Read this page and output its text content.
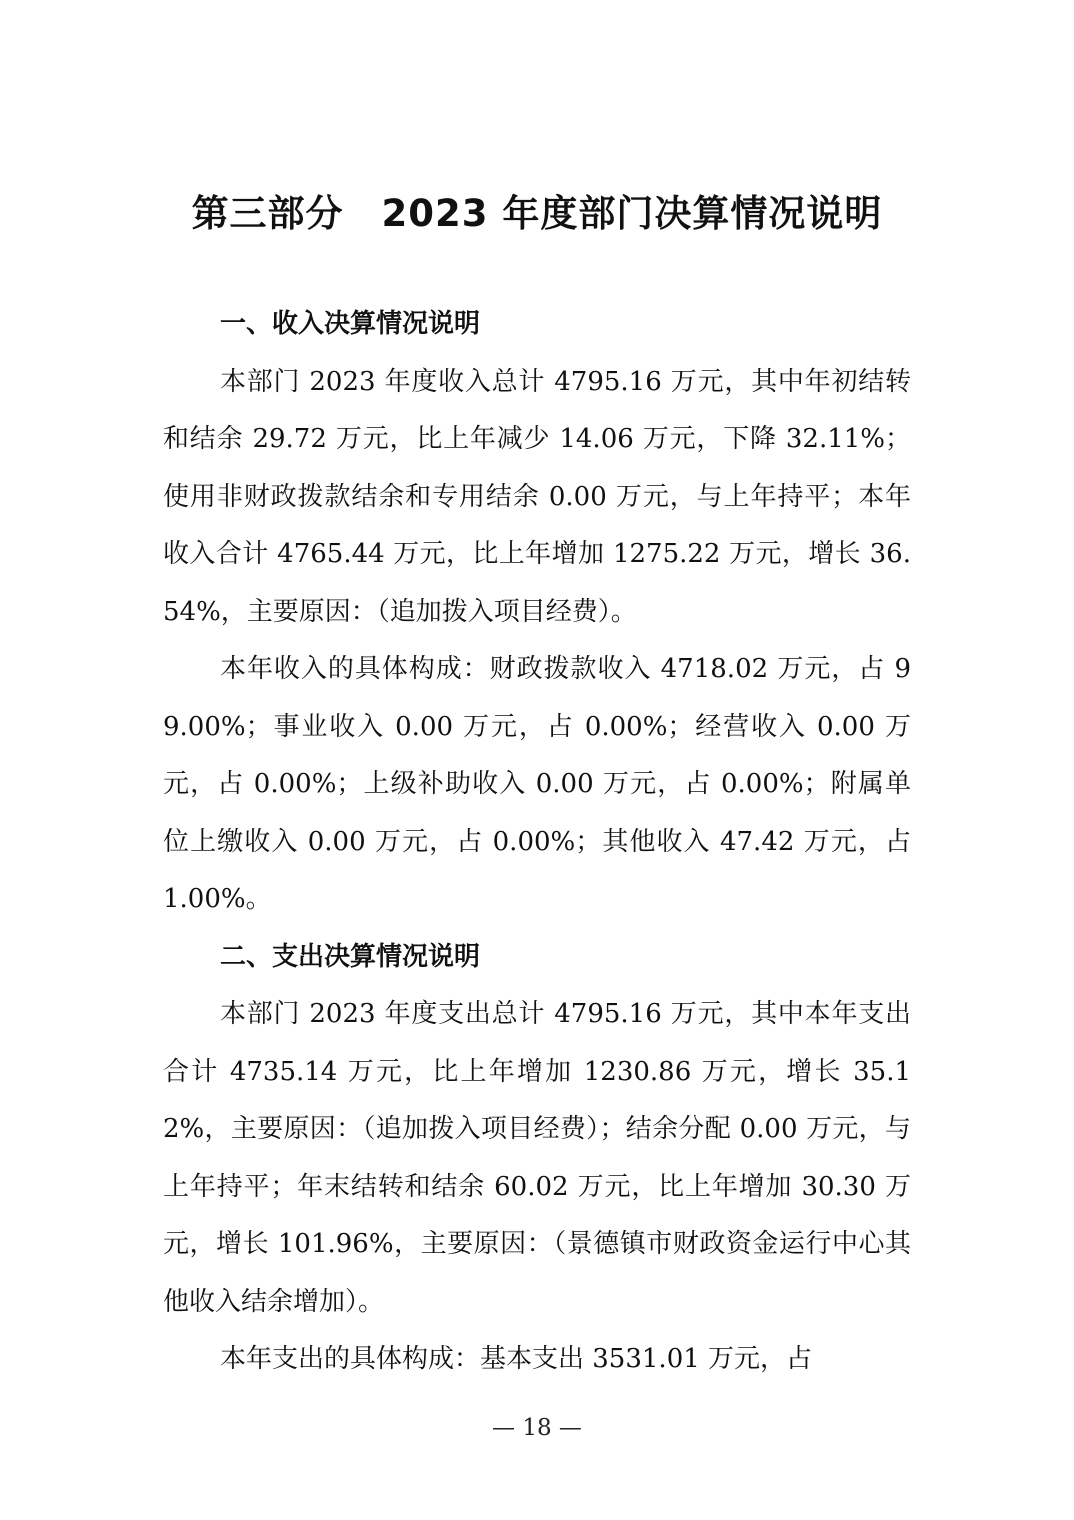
第三部分　2023 年度部门决算情况说明
一、收入决算情况说明

本部门 2023 年度收入总计 4795.16 万元，其中年初结转和结余 29.72 万元，比上年减少 14.06 万元，下降 32.11%；使用非财政拨款结余和专用结余 0.00 万元，与上年持平；本年收入合计 4765.44 万元，比上年增加 1275.22 万元，增长 36.54%，主要原因：（追加拨入项目经费）。

本年收入的具体构成：财政拨款收入 4718.02 万元，占 99.00%；事业收入 0.00 万元，占 0.00%；经营收入 0.00 万元，占 0.00%；上级补助收入 0.00 万元，占 0.00%；附属单位上缴收入 0.00 万元，占 0.00%；其他收入 47.42 万元，占 1.00%。

二、支出决算情况说明

本部门 2023 年度支出总计 4795.16 万元，其中本年支出合计 4735.14 万元，比上年增加 1230.86 万元，增长 35.12%，主要原因：（追加拨入项目经费）；结余分配 0.00 万元，与上年持平；年末结转和结余 60.02 万元，比上年增加 30.30 万元，增长 101.96%，主要原因：（景德镇市财政资金运行中心其他收入结余增加）。

本年支出的具体构成：基本支出 3531.01 万元，占

— 18 —
